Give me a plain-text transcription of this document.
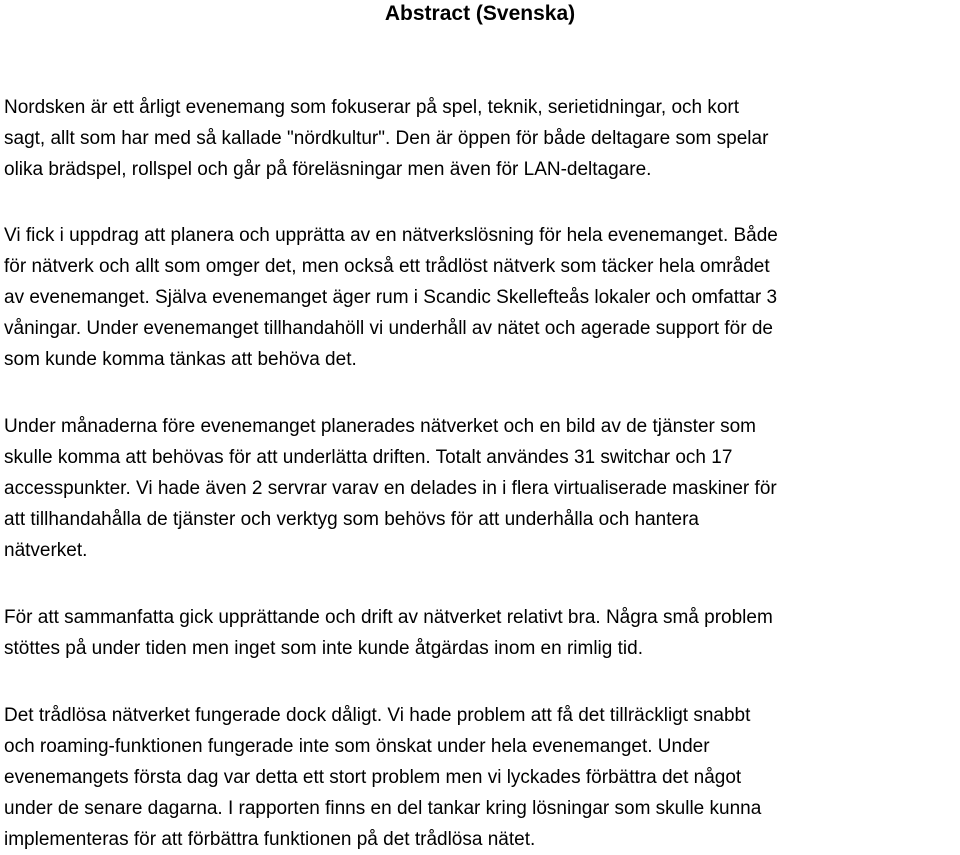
Abstract (Svenska)

Nordsken är ett årligt evenemang som fokuserar på spel, teknik, serietidningar, och kort
sagt, allt som har med så kallade "nördkultur". Den är öppen för både deltagare som spelar
olika brädspel, rollspel och går på föreläsningar men även för LAN-deltagare.

Vi fick i uppdrag att planera och upprätta av en nätverkslösning för hela evenemanget. Både
för nätverk och allt som omger det, men också ett trådlöst nätverk som täcker hela området
av evenemanget. Själva evenemanget äger rum i Scandic Skellefteås lokaler och omfattar 3
våningar. Under evenemanget tillhandahöll vi underhåll av nätet och agerade support för de
som kunde komma tänkas att behöva det.

Under månaderna före evenemanget planerades nätverket och en bild av de tjänster som
skulle komma att behövas för att underlätta driften. Totalt användes 31 switchar och 17
accesspunkter. Vi hade även 2 servrar varav en delades in i flera virtualiserade maskiner för
att tillhandahålla de tjänster och verktyg som behövs för att underhålla och hantera
nätverket.

För att sammanfatta gick upprättande och drift av nätverket relativt bra. Några små problem
stöttes på under tiden men inget som inte kunde åtgärdas inom en rimlig tid.

Det trådlösa nätverket fungerade dock dåligt. Vi hade problem att få det tillräckligt snabbt
och roaming-funktionen fungerade inte som önskat under hela evenemanget. Under
evenemangets första dag var detta ett stort problem men vi lyckades förbättra det något
under de senare dagarna. I rapporten finns en del tankar kring lösningar som skulle kunna
implementeras för att förbättra funktionen på det trådlösa nätet.
